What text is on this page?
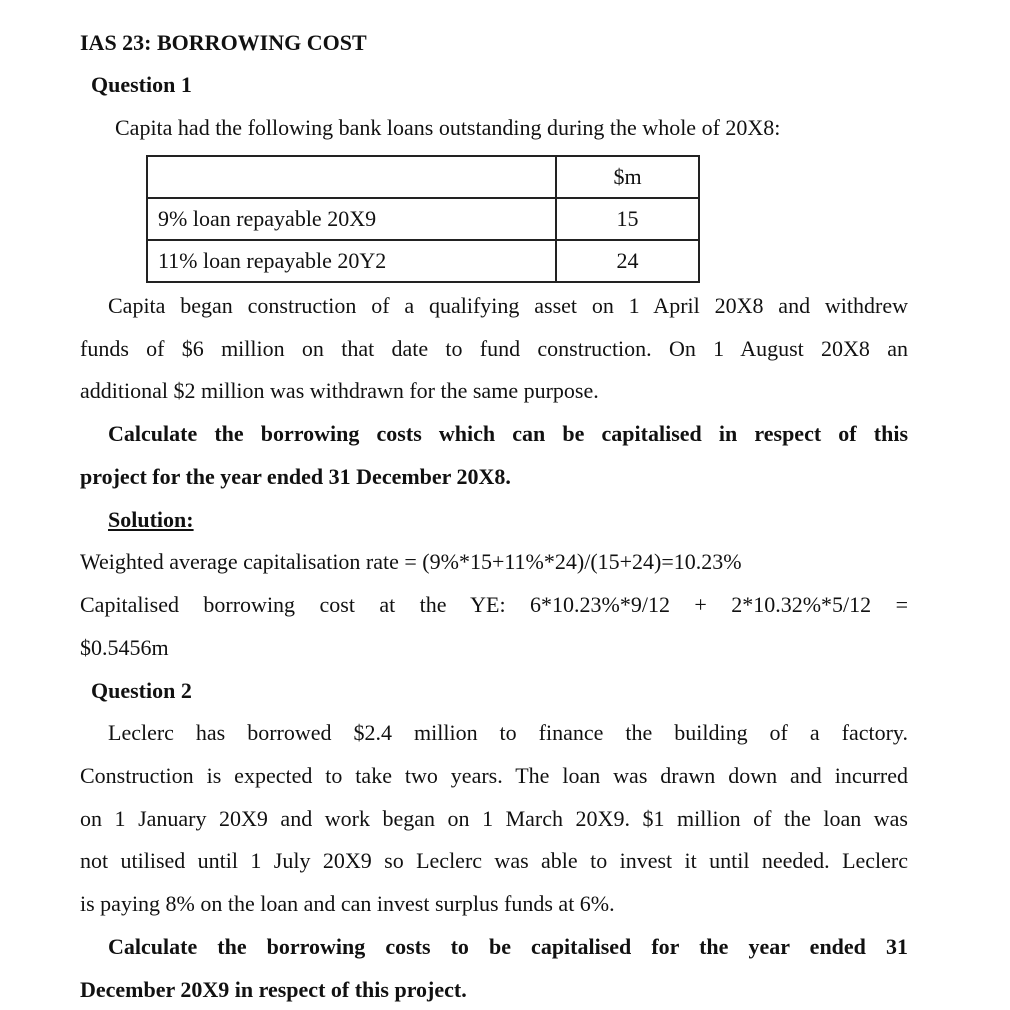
IAS 23: BORROWING COST
Question 1
Capita had the following bank loans outstanding during the whole of 20X8:
	$m
9% loan repayable 20X9	15
11% loan repayable 20Y2	24
Capita began construction of a qualifying asset on 1 April 20X8 and withdrew
funds of $6 million on that date to fund construction. On 1 August 20X8 an
additional $2 million was withdrawn for the same purpose.
Calculate the borrowing costs which can be capitalised in respect of this
project for the year ended 31 December 20X8.
Solution:
Weighted average capitalisation rate = (9%*15+11%*24)/(15+24)=10.23%
Capitalised borrowing cost at the YE: 6*10.23%*9/12 + 2*10.32%*5/12 =
$0.5456m
Question 2
Leclerc has borrowed $2.4 million to finance the building of a factory.
Construction is expected to take two years. The loan was drawn down and incurred
on 1 January 20X9 and work began on 1 March 20X9. $1 million of the loan was
not utilised until 1 July 20X9 so Leclerc was able to invest it until needed. Leclerc
is paying 8% on the loan and can invest surplus funds at 6%.
Calculate the borrowing costs to be capitalised for the year ended 31
December 20X9 in respect of this project.
